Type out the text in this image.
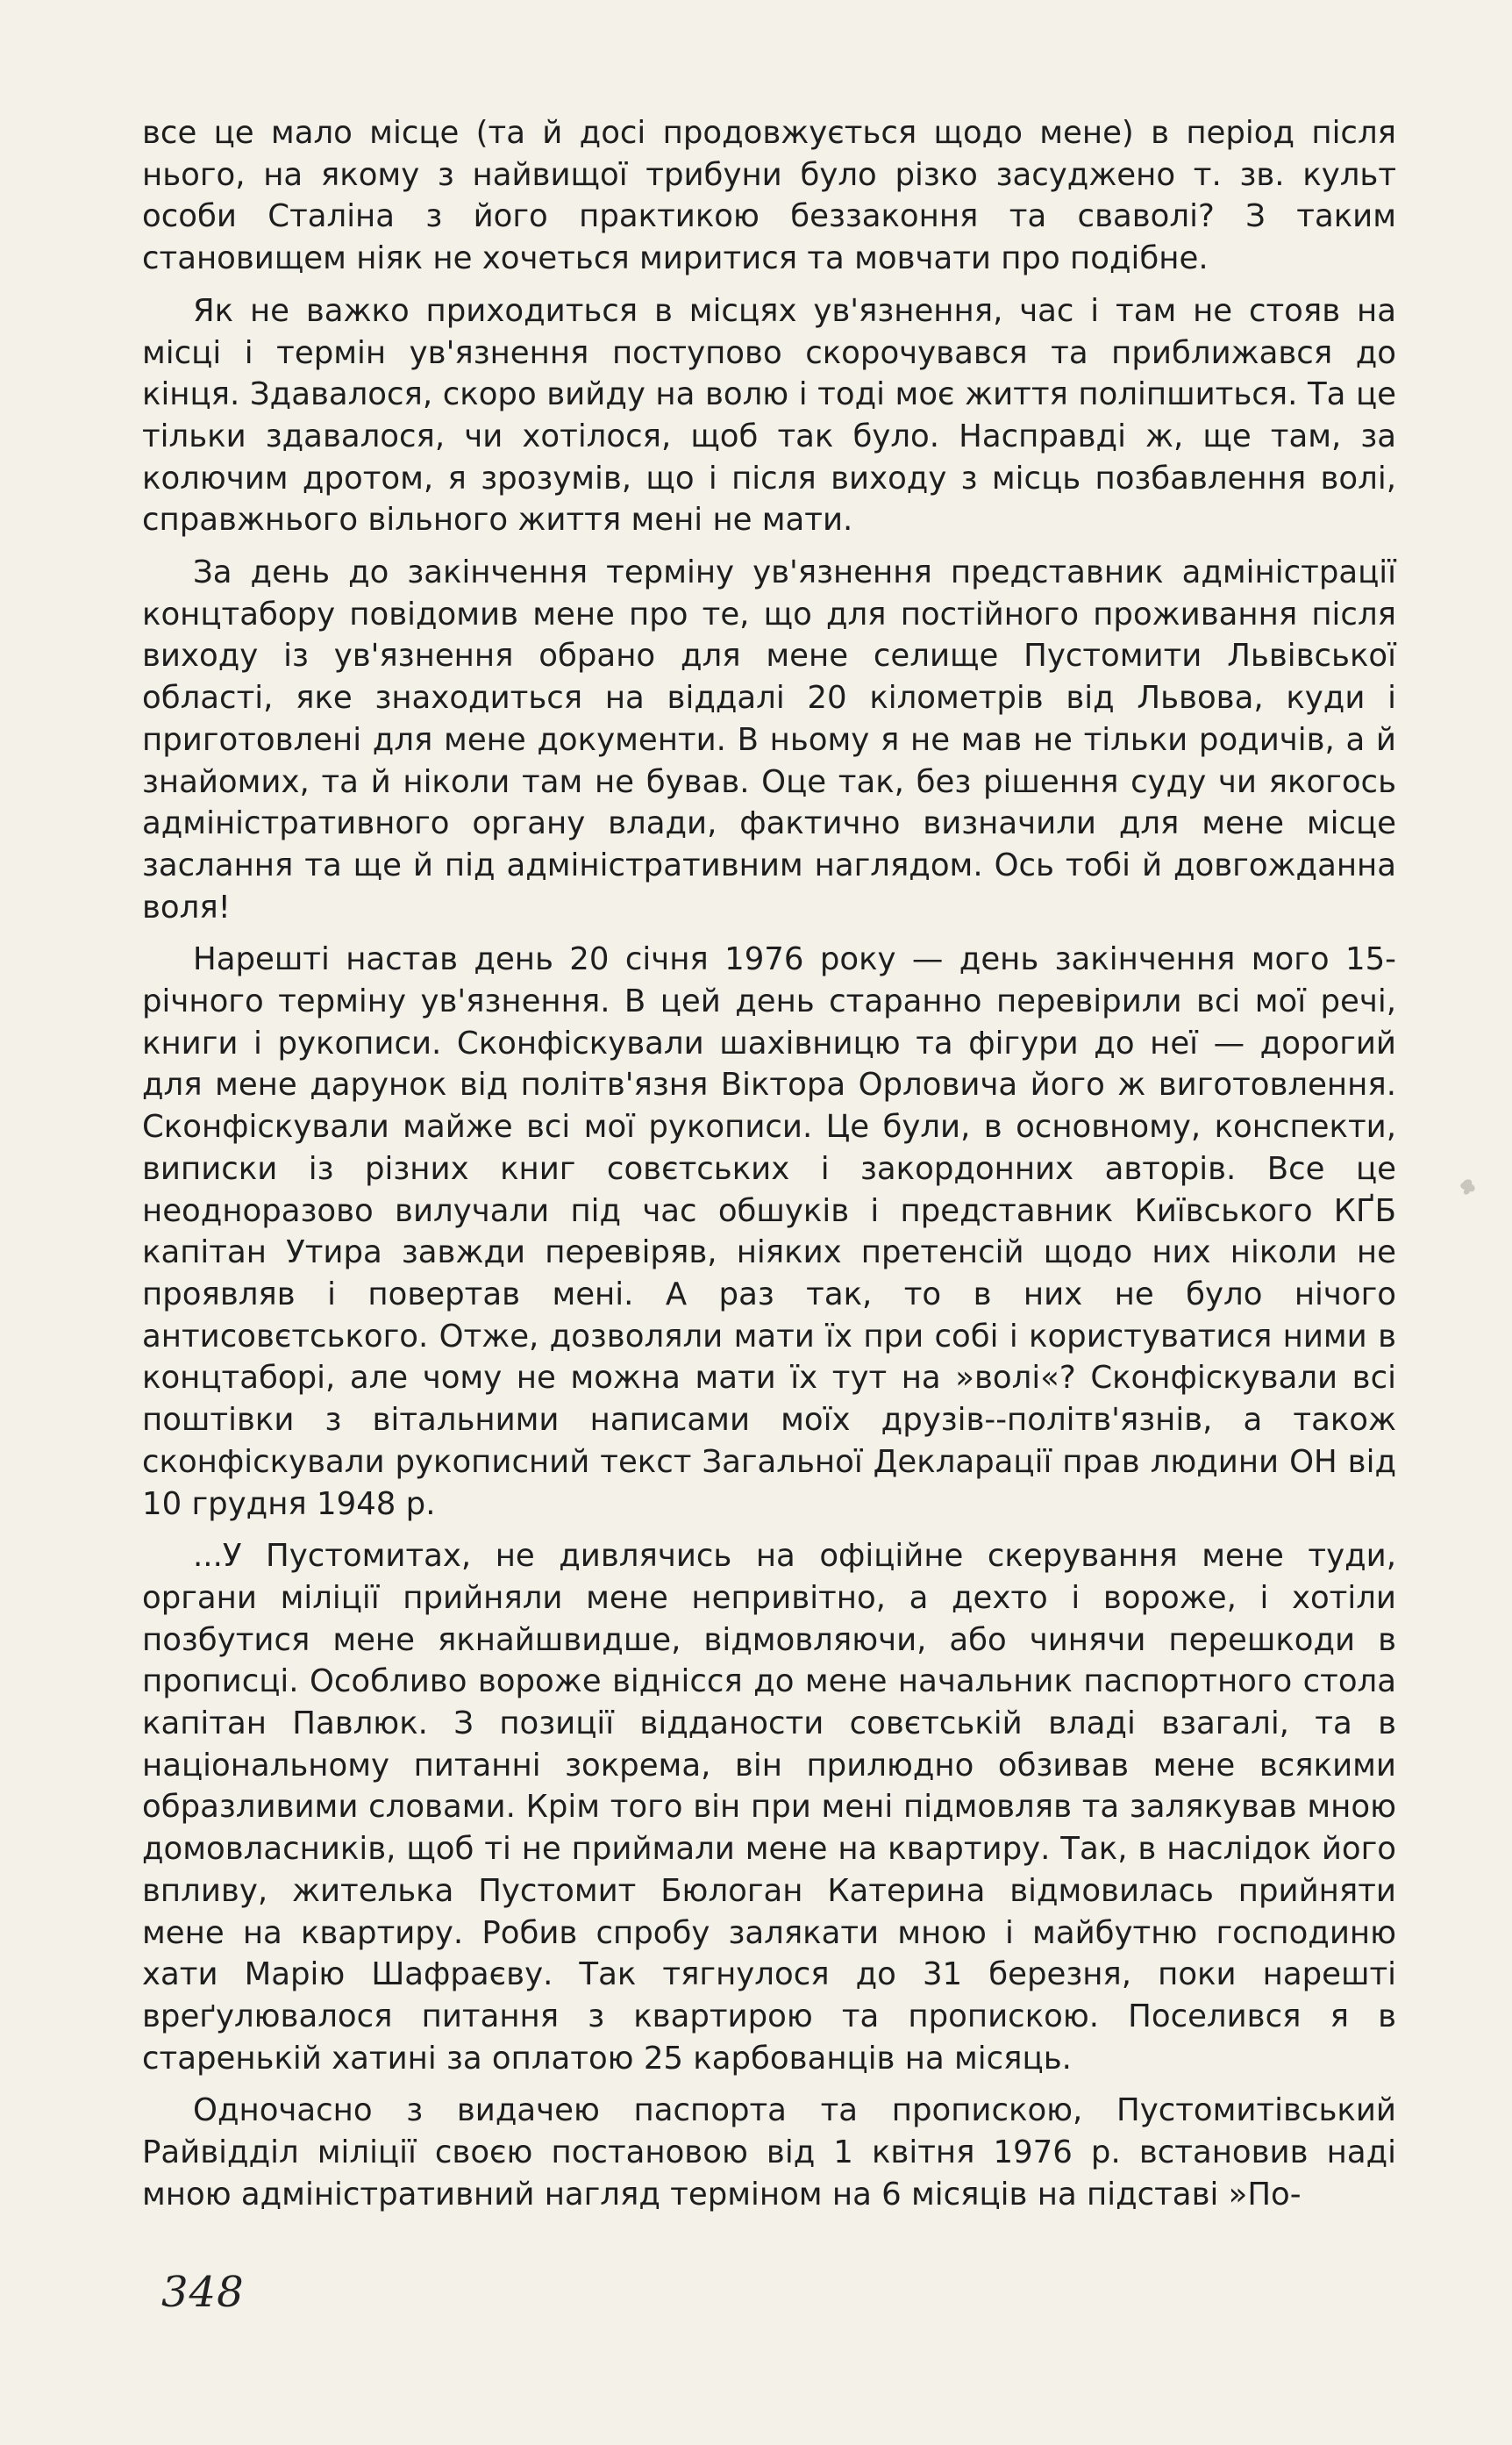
все це мало місце (та й досі продовжується щодо мене) в період після нього, на якому з найвищої трибуни було різко засуджено т. зв. культ особи Сталіна з його практикою беззаконня та сваволі? З таким становищем ніяк не хочеться миритися та мовчати про подібне.

Як не важко приходиться в місцях ув'язнення, час і там не стояв на місці і термін ув'язнення поступово скорочувався та приближався до кінця. Здавалося, скоро вийду на волю і тоді моє життя поліпшиться. Та це тільки здавалося, чи хотілося, щоб так було. Насправді ж, ще там, за колючим дротом, я зрозумів, що і після виходу з місць позбавлення волі, справжнього вільного життя мені не мати.

За день до закінчення терміну ув'язнення представник адміністрації концтабору повідомив мене про те, що для постійного проживання після виходу із ув'язнення обрано для мене селище Пустомити Львівської області, яке знаходиться на віддалі 20 кілометрів від Львова, куди і приготовлені для мене документи. В ньому я не мав не тільки родичів, а й знайомих, та й ніколи там не бував. Оце так, без рішення суду чи якогось адміністративного органу влади, фактично визначили для мене місце заслання та ще й під адміністративним наглядом. Ось тобі й довгожданна воля!

Нарешті настав день 20 січня 1976 року — день закінчення мого 15-річного терміну ув'язнення. В цей день старанно перевірили всі мої речі, книги і рукописи. Сконфіскували шахівницю та фігури до неї — дорогий для мене дарунок від політв'язня Віктора Орловича його ж виготовлення. Сконфіскували майже всі мої рукописи. Це були, в основному, конспекти, виписки із різних книг совєтських і закордонних авторів. Все це неодноразово вилучали під час обшуків і представник Київського КҐБ капітан Утира завжди перевіряв, ніяких претенсій щодо них ніколи не проявляв і повертав мені. А раз так, то в них не було нічого антисовєтського. Отже, дозволяли мати їх при собі і користуватися ними в концтаборі, але чому не можна мати їх тут на »волі«? Сконфіскували всі поштівки з вітальними написами моїх друзів--політв'язнів, а також сконфіскували рукописний текст Загальної Декларації прав людини ОН від 10 грудня 1948 р.

...У Пустомитах, не дивлячись на офіційне скерування мене туди, органи міліції прийняли мене непривітно, а дехто і вороже, і хотіли позбутися мене якнайшвидше, відмовляючи, або чинячи перешкоди в прописці. Особливо вороже віднісся до мене начальник паспортного стола капітан Павлюк. З позиції відданости совєтській владі взагалі, та в національному питанні зокрема, він прилюдно обзивав мене всякими образливими словами. Крім того він при мені підмовляв та залякував мною домовласників, щоб ті не приймали мене на квартиру. Так, в наслідок його впливу, жителька Пустомит Бюлоган Катерина відмовилась прийняти мене на квартиру. Робив спробу залякати мною і майбутню господиню хати Марію Шафраєву. Так тягнулося до 31 березня, поки нарешті вреґулювалося питання з квартирою та пропискою. Поселився я в старенькій хатині за оплатою 25 карбованців на місяць.

Одночасно з видачею паспорта та пропискою, Пустомитівський Райвідділ міліції своєю постановою від 1 квітня 1976 р. встановив наді мною адміністративний нагляд терміном на 6 місяців на підставі »По-

348
